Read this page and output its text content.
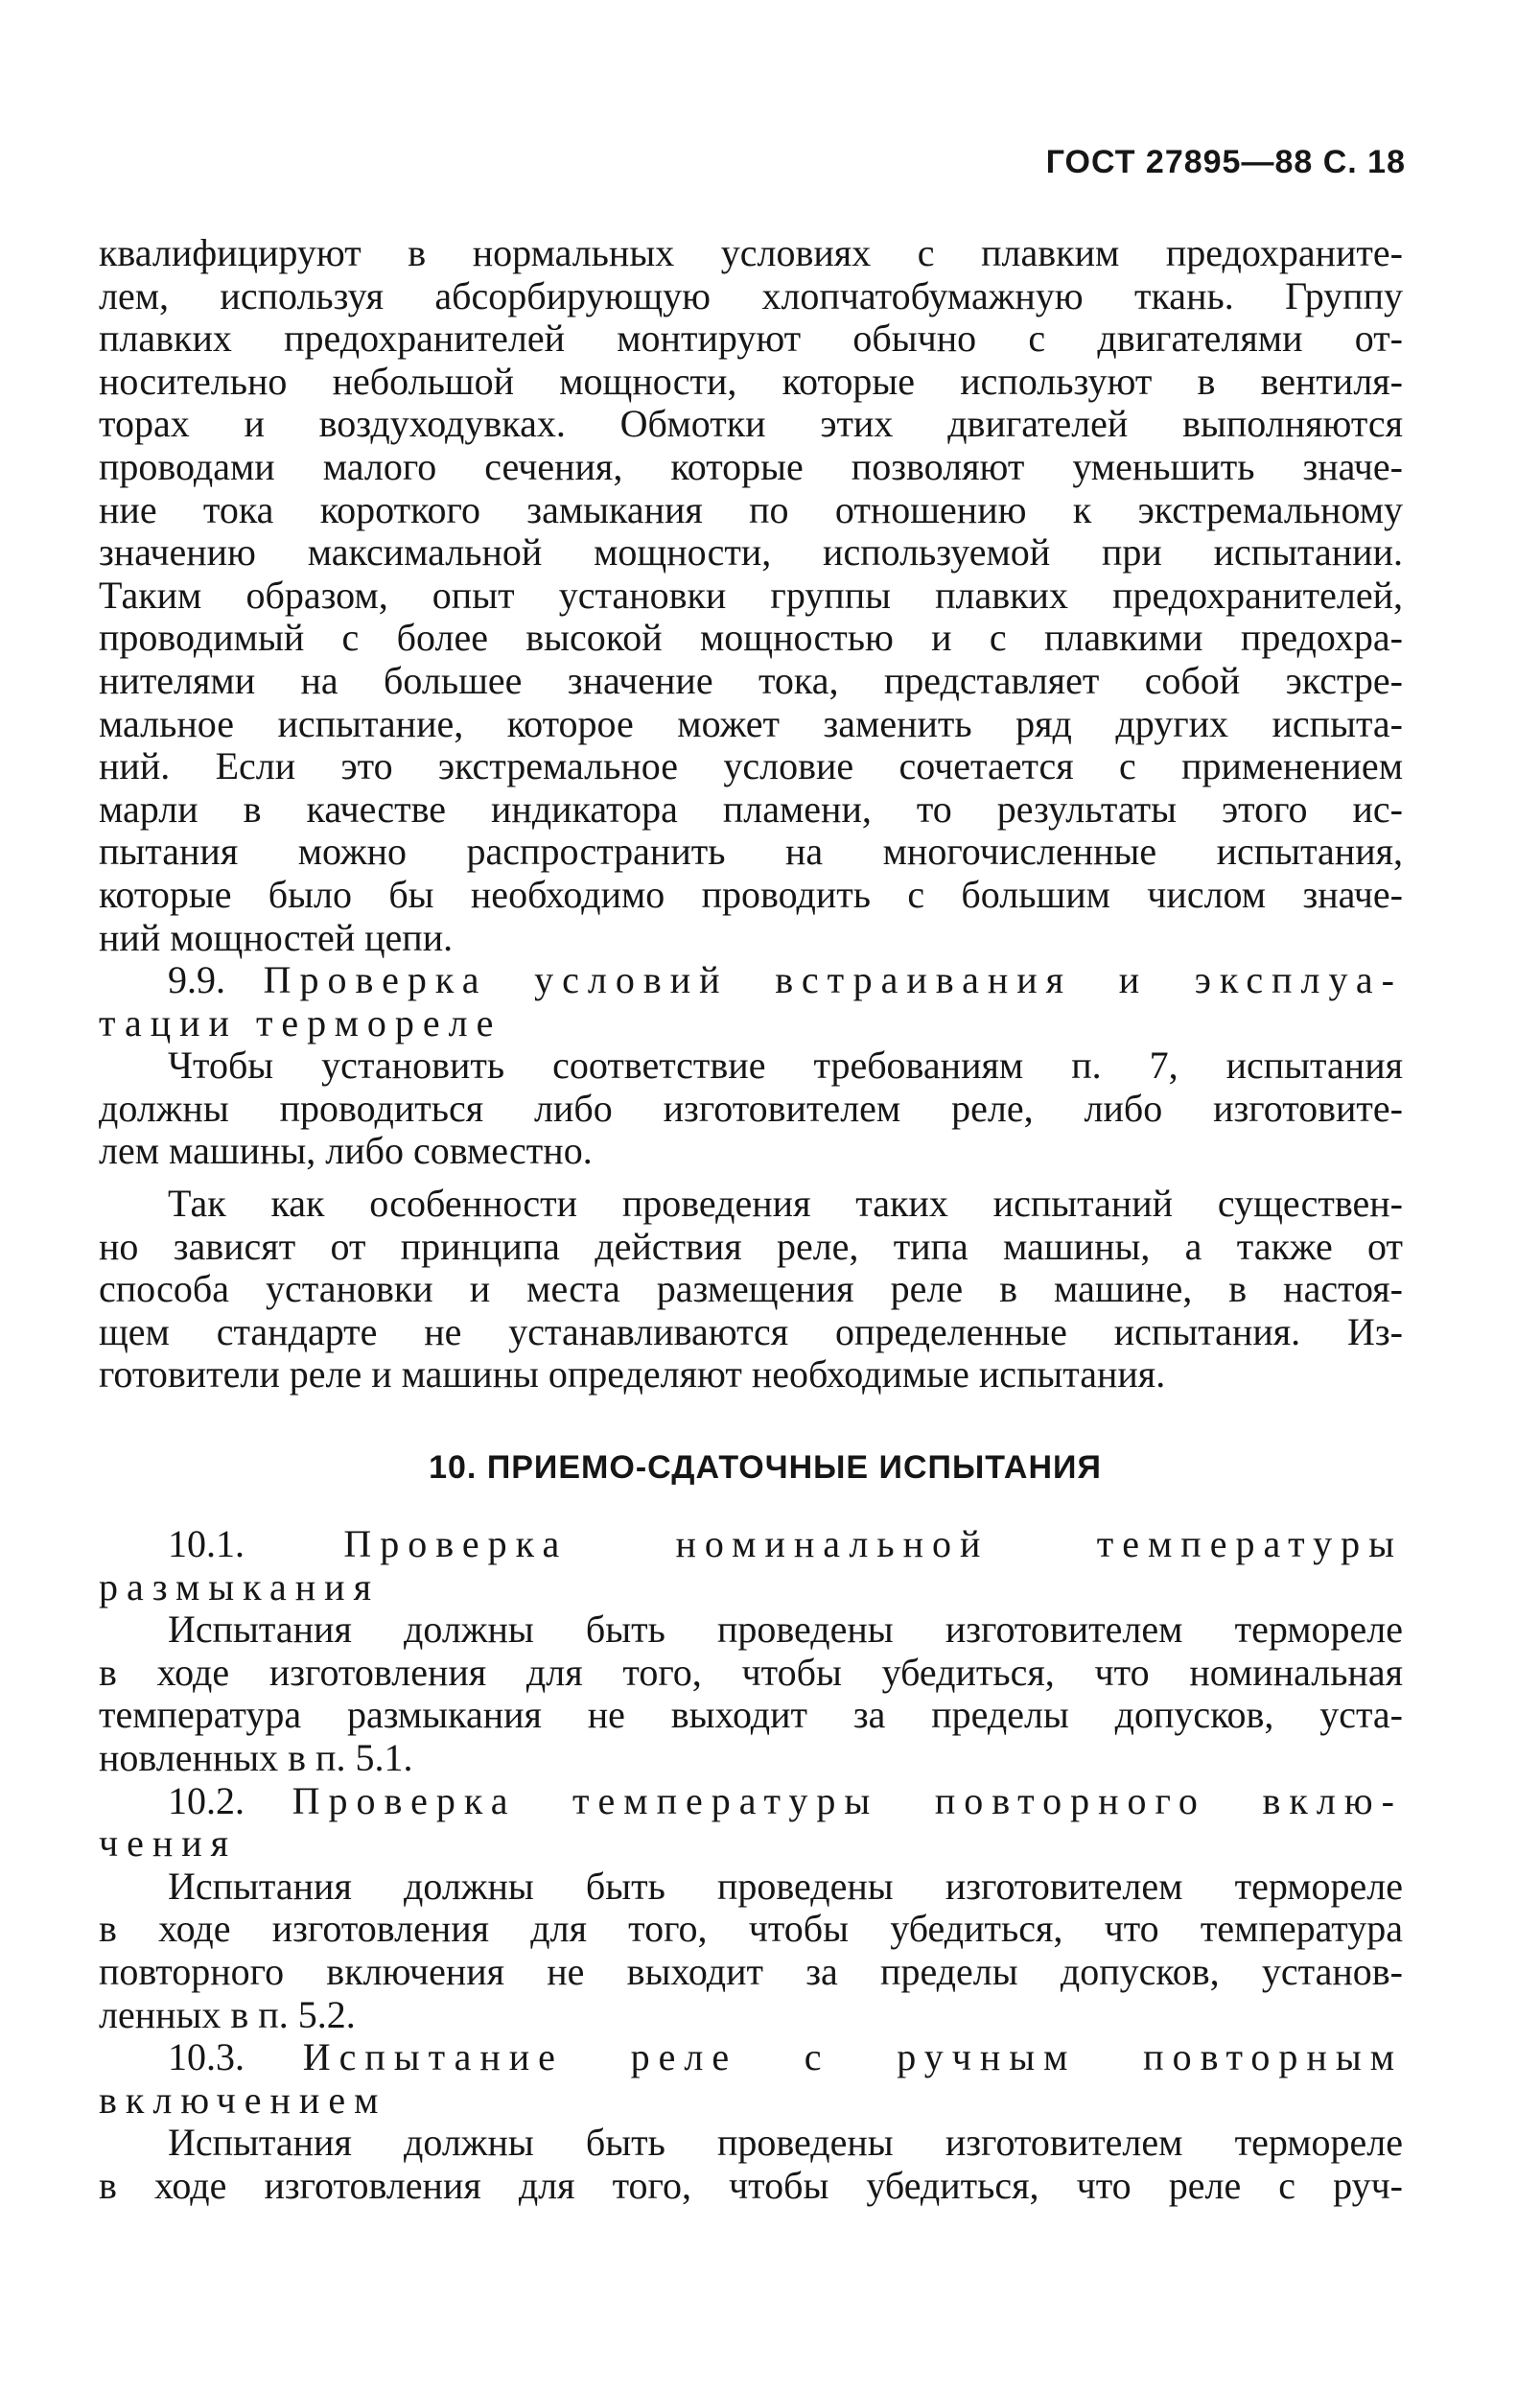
ГОСТ 27895—88 С. 18
квалифицируют в нормальных условиях с плавким предохраните-
лем, используя абсорбирующую хлопчатобумажную ткань. Группу
плавких предохранителей монтируют обычно с двигателями от-
носительно небольшой мощности, которые используют в вентиля-
торах и воздуходувках. Обмотки этих двигателей выполняются
проводами малого сечения, которые позволяют уменьшить значе-
ние тока короткого замыкания по отношению к экстремальному
значению максимальной мощности, используемой при испытании.
Таким образом, опыт установки группы плавких предохранителей,
проводимый с более высокой мощностью и с плавкими предохра-
нителями на большее значение тока, представляет собой экстре-
мальное испытание, которое может заменить ряд других испыта-
ний. Если это экстремальное условие сочетается с применением
марли в качестве индикатора пламени, то результаты этого ис-
пытания можно распространить на многочисленные испытания,
которые было бы необходимо проводить с большим числом значе-
ний мощностей цепи.
9.9. Проверка условий встраивания и эксплуа-
тации термореле
Чтобы установить соответствие требованиям п. 7, испытания
должны проводиться либо изготовителем реле, либо изготовите-
лем машины, либо совместно.
Так как особенности проведения таких испытаний существен-
но зависят от принципа действия реле, типа машины, а также от
способа установки и места размещения реле в машине, в настоя-
щем стандарте не устанавливаются определенные испытания. Из-
готовители реле и машины определяют необходимые испытания.
10. ПРИЕМО-СДАТОЧНЫЕ ИСПЫТАНИЯ
10.1.	Проверка номинальной температуры
размыкания
Испытания должны быть проведены изготовителем термореле
в ходе изготовления для того, чтобы убедиться, что номинальная
температура размыкания не выходит за пределы допусков, уста-
новленных в п. 5.1.
10.2. Проверка температуры повторного вклю-
чения
Испытания должны быть проведены изготовителем термореле
в ходе изготовления для того, чтобы убедиться, что температура
повторного включения не выходит за пределы допусков, установ-
ленных в п. 5.2.
10.3. Испытание реле с ручным повторным
включением
Испытания должны быть проведены изготовителем термореле
в ходе изготовления для того, чтобы убедиться, что реле с руч-
